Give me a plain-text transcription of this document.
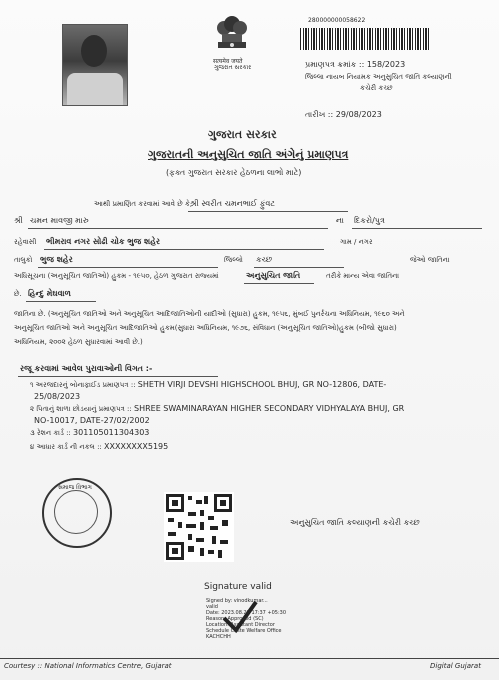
सत्यमेव जयते
ગુજરાત સરકાર
280000000058622
પ્રમાણપત્ર ક્રમાંક :: 158/2023
જિલ્લા નાયબ નિયામક અનુસુચિત જાતિ કલ્યાણની
કચેરી કચ્છ
તારીખ :: 29/08/2023
ગુજરાત સરકાર
ગુજરાતની અનુસુચિત જાતિ અંગેનું પ્રમાણપત્ર
(ફક્ત ગુજરાત સરકાર હેઠળના લાભો માટે)
આથી પ્રમાણિત કરવામાં આવે છે કે,
શ્રી સ્વરીત ચમનભાઈ ફુંવટ
શ્રી ચમન માવજી મારુ	ના દિકરો/પુત્ર
રહેવાસી ભીમરાવ નગર સોઢી ચોક ભુજ શહેર	ગામ / નગર
તાલુકો ભુજ શહેર	જિલ્લો કચ્છ	જેઓ જાતિના
અધિસૂચના (અનુસૂચિત જાતિઓ) હુકમ - ૧૯૫૦, હેઠળ ગુજરાત રાજ્યમાં	અનુસુચિત જાતિ	તરીકે માન્ય એવા જાતિના
છે. હિન્દુ મેઘવાળ
જાતિના છે. (અનુસૂચિત જાતિઓ અને અનુસૂચિત આદિજાતિઓની યાદીઓ (સુધારા) હુકમ, ૧૯૫૬, મુંબઈ પુનર્રચના અધિનિયમ, ૧૯૬૦ અને
અનુસૂચિત જાતિઓ અને અનુસૂચિત આદિજાતિઓ હુકમ(સુધારા અધિનિયમ, ૧૯૭૬, સંવિધાન (અનુસૂચિત જાતિઓ)હુકમ (બીજો સુધારા)
અધિનિયમ, ૨૦૦૨ હેઠળ સુધારવામાં આવી છે.)
રજૂ કરવામાં આવેલ પુરાવાઓની વિગત :-
૧ અરજદારનું બોનાફાઈડ પ્રમાણપત્ર :: SHETH VIRJI DEVSHI HIGHSCHOOL BHUJ, GR NO-12806, DATE-
25/08/2023
૨ પિતાનું શાળા છોડયાનું પ્રમાણપત્ર :: SHREE SWAMINARAYAN HIGHER SECONDARY VIDHYALAYA BHUJ, GR
NO-10017, DATE-27/02/2002
૩ રેશન કાર્ડ :: 301105011304303
૪ આધાર કાર્ડ ની નકલ :: XXXXXXXX5195
સમાજ વિભાગ
અનુસુચિત જાતિ કલ્યાણની કચેરી કચ્છ
Signature valid
Signed by: vinodkumar...
valid
Date: 2023.08.29 17:37 +05:30
Reason: Approved (SC)
Location: Assistant Director
Schedule Caste Welfare Office
KACHCHH
Courtesy :: National Informatics Centre, Gujarat	Digital Gujarat
